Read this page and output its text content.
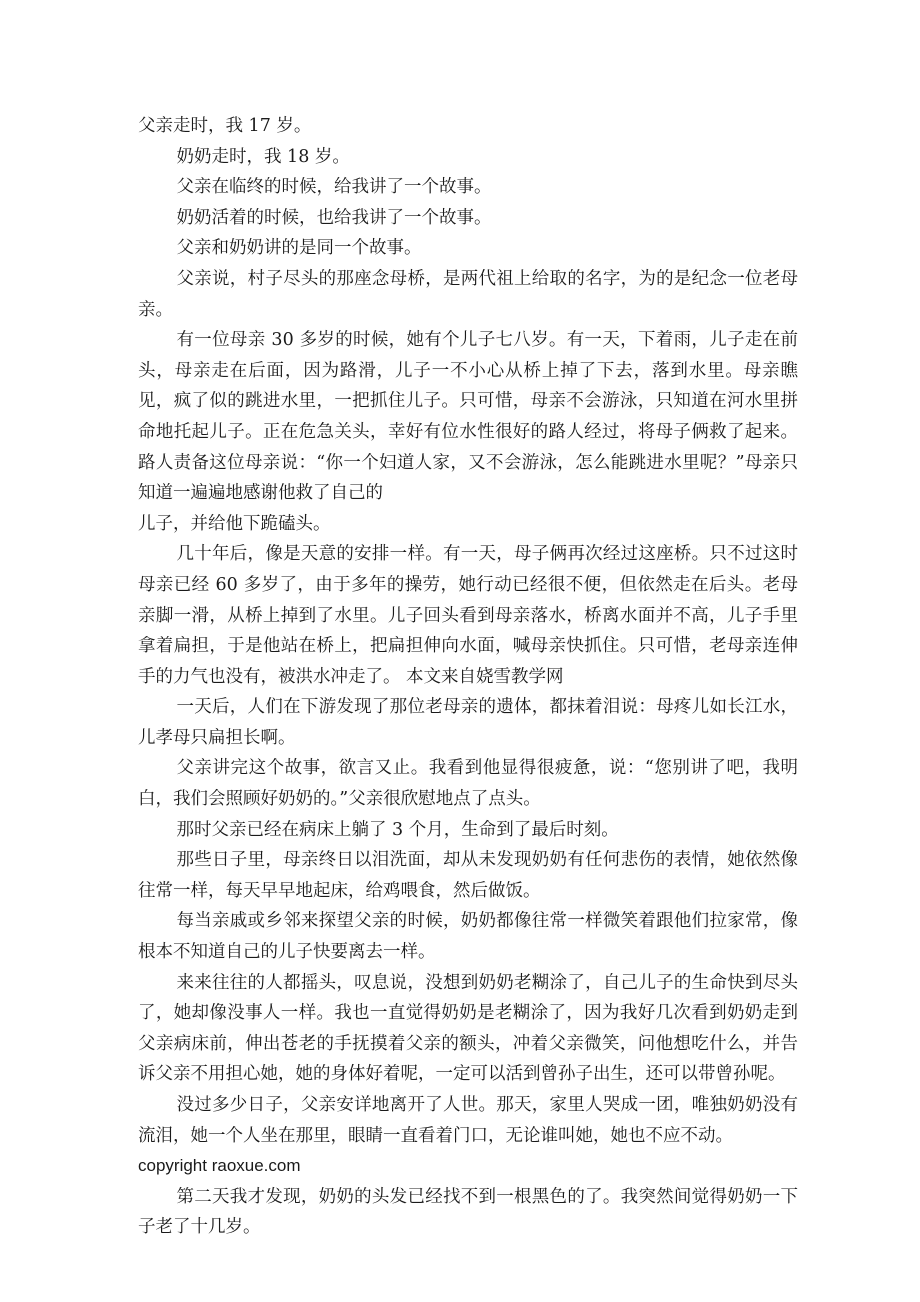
父亲走时，我 17 岁。

奶奶走时，我 18 岁。

父亲在临终的时候，给我讲了一个故事。

奶奶活着的时候，也给我讲了一个故事。

父亲和奶奶讲的是同一个故事。

父亲说，村子尽头的那座念母桥，是两代祖上给取的名字，为的是纪念一位老母亲。

有一位母亲 30 多岁的时候，她有个儿子七八岁。有一天，下着雨，儿子走在前头，母亲走在后面，因为路滑，儿子一不小心从桥上掉了下去，落到水里。母亲瞧见，疯了似的跳进水里，一把抓住儿子。只可惜，母亲不会游泳，只知道在河水里拼命地托起儿子。正在危急关头，幸好有位水性很好的路人经过，将母子俩救了起来。路人责备这位母亲说：“你一个妇道人家，又不会游泳，怎么能跳进水里呢？”母亲只知道一遍遍地感谢他救了自己的

儿子，并给他下跪磕头。

几十年后，像是天意的安排一样。有一天，母子俩再次经过这座桥。只不过这时母亲已经 60 多岁了，由于多年的操劳，她行动已经很不便，但依然走在后头。老母亲脚一滑，从桥上掉到了水里。儿子回头看到母亲落水，桥离水面并不高，儿子手里拿着扁担，于是他站在桥上，把扁担伸向水面，喊母亲快抓住。只可惜，老母亲连伸手的力气也没有，被洪水冲走了。 本文来自娆雪教学网

一天后，人们在下游发现了那位老母亲的遗体，都抹着泪说：母疼儿如长江水，儿孝母只扁担长啊。

父亲讲完这个故事，欲言又止。我看到他显得很疲惫，说：“您别讲了吧，我明白，我们会照顾好奶奶的。”父亲很欣慰地点了点头。

那时父亲已经在病床上躺了 3 个月，生命到了最后时刻。

那些日子里，母亲终日以泪洗面，却从未发现奶奶有任何悲伤的表情，她依然像往常一样，每天早早地起床，给鸡喂食，然后做饭。

每当亲戚或乡邻来探望父亲的时候，奶奶都像往常一样微笑着跟他们拉家常，像根本不知道自己的儿子快要离去一样。

来来往往的人都摇头，叹息说，没想到奶奶老糊涂了，自己儿子的生命快到尽头了，她却像没事人一样。我也一直觉得奶奶是老糊涂了，因为我好几次看到奶奶走到父亲病床前，伸出苍老的手抚摸着父亲的额头，冲着父亲微笑，问他想吃什么，并告诉父亲不用担心她，她的身体好着呢，一定可以活到曾孙子出生，还可以带曾孙呢。

没过多少日子，父亲安详地离开了人世。那天，家里人哭成一团，唯独奶奶没有流泪，她一个人坐在那里，眼睛一直看着门口，无论谁叫她，她也不应不动。

copyright raoxue.com

第二天我才发现，奶奶的头发已经找不到一根黑色的了。我突然间觉得奶奶一下子老了十几岁。
